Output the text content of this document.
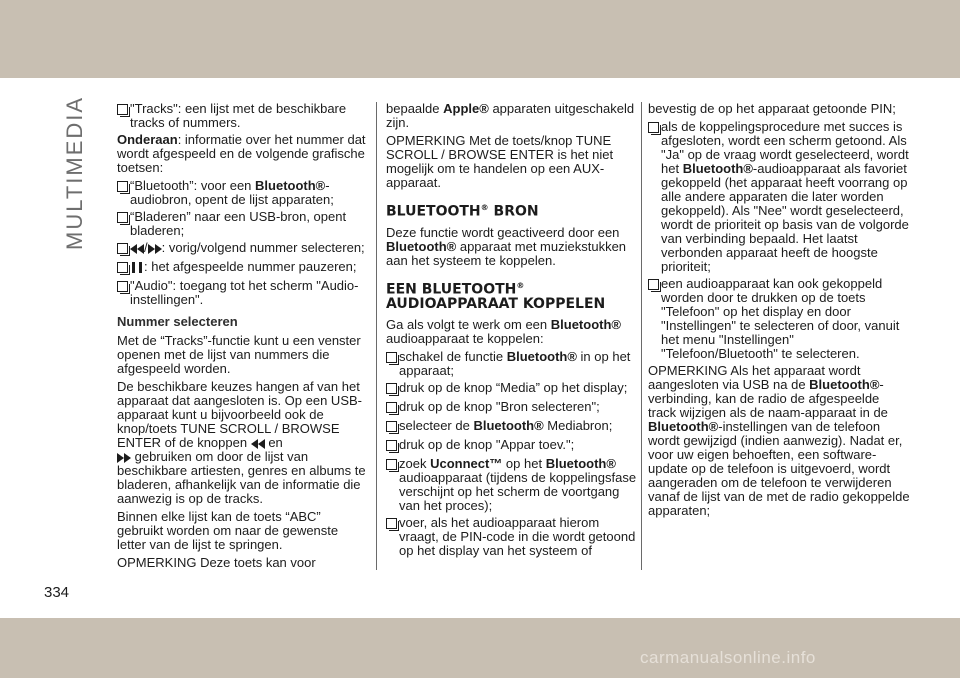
MULTIMEDIA	"Tracks": een lijst met de beschikbare tracks of nummers.

Onderaan: informatie over het nummer dat wordt afgespeeld en de volgende grafische toetsen:

“Bluetooth”: voor een Bluetooth®-audiobron, opent de lijst apparaten;
“Bladeren” naar een USB-bron, opent bladeren;
/ : vorig/volgend nummer selecteren;
: het afgespeelde nummer pauzeren;
"Audio": toegang tot het scherm "Audio-instellingen".
Nummer selecteren

Met de “Tracks”-functie kunt u een venster openen met de lijst van nummers die afgespeeld worden.

De beschikbare keuzes hangen af van het apparaat dat aangesloten is. Op een USB-apparaat kunt u bijvoorbeeld ook de knop/toets TUNE SCROLL / BROWSE ENTER of de knoppen  en
gebruiken om door de lijst van beschikbare artiesten, genres en albums te bladeren, afhankelijk van de informatie die aanwezig is op de tracks.

Binnen elke lijst kan de toets “ABC” gebruikt worden om naar de gewenste letter van de lijst te springen.

OPMERKING Deze toets kan voor

bepaalde Apple® apparaten uitgeschakeld zijn.

OPMERKING Met de toets/knop TUNE SCROLL / BROWSE ENTER is het niet mogelijk om te handelen op een AUX-apparaat.

BLUETOOTH® BRON

Deze functie wordt geactiveerd door een Bluetooth® apparaat met muziekstukken aan het systeem te koppelen.

EEN BLUETOOTH®
AUDIOAPPARAAT KOPPELEN

Ga als volgt te werk om een Bluetooth® audioapparaat te koppelen:

schakel de functie Bluetooth® in op het apparaat;
druk op de knop “Media” op het display;
druk op de knop "Bron selecteren";
selecteer de Bluetooth® Mediabron;
druk op de knop "Appar toev.";
zoek Uconnect™ op het Bluetooth® audioapparaat (tijdens de koppelingsfase verschijnt op het scherm de voortgang van het proces);
voer, als het audioapparaat hierom vraagt, de PIN-code in die wordt getoond op het display van het systeem of

bevestig de op het apparaat getoonde PIN;

als de koppelingsprocedure met succes is afgesloten, wordt een scherm getoond. Als "Ja" op de vraag wordt geselecteerd, wordt het Bluetooth®-audioapparaat als favoriet gekoppeld (het apparaat heeft voorrang op alle andere apparaten die later worden gekoppeld). Als "Nee" wordt geselecteerd, wordt de prioriteit op basis van de volgorde van verbinding bepaald. Het laatst verbonden apparaat heeft de hoogste prioriteit;
een audioapparaat kan ook gekoppeld worden door te drukken op de toets "Telefoon" op het display en door "Instellingen" te selecteren of door, vanuit het menu "Instellingen" "Telefoon/Bluetooth" te selecteren.

OPMERKING Als het apparaat wordt aangesloten via USB na de Bluetooth®-verbinding, kan de radio de afgespeelde track wijzigen als de naam-apparaat in de Bluetooth®-instellingen van de telefoon wordt gewijzigd (indien aanwezig). Nadat er, voor uw eigen behoeften, een software-update op de telefoon is uitgevoerd, wordt aangeraden om de telefoon te verwijderen vanaf de lijst van de met de radio gekoppelde apparaten;

334
carmanualsonline.info
